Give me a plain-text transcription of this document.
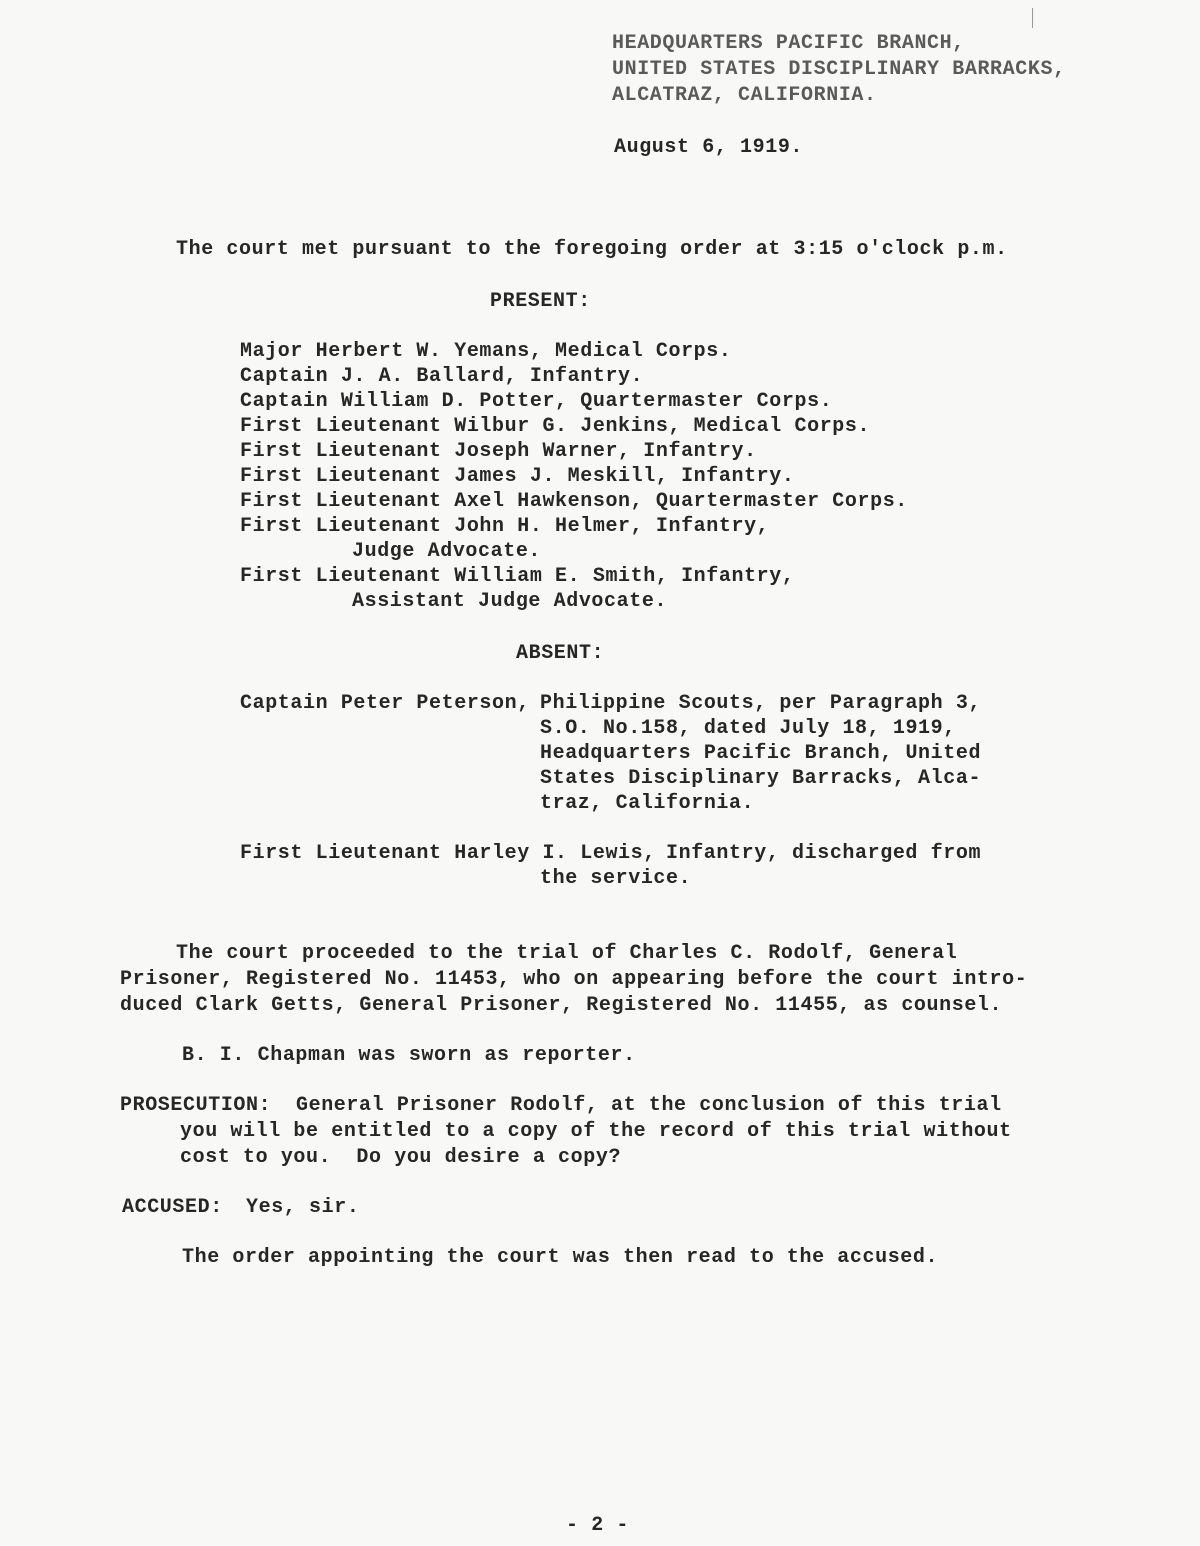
HEADQUARTERS PACIFIC BRANCH,
UNITED STATES DISCIPLINARY BARRACKS,
ALCATRAZ, CALIFORNIA.
August 6, 1919.
The court met pursuant to the foregoing order at 3:15 o'clock p.m.
PRESENT:
Major Herbert W. Yemans, Medical Corps.
Captain J. A. Ballard, Infantry.
Captain William D. Potter, Quartermaster Corps.
First Lieutenant Wilbur G. Jenkins, Medical Corps.
First Lieutenant Joseph Warner, Infantry.
First Lieutenant James J. Meskill, Infantry.
First Lieutenant Axel Hawkenson, Quartermaster Corps.
First Lieutenant John H. Helmer, Infantry,
Judge Advocate.
First Lieutenant William E. Smith, Infantry,
Assistant Judge Advocate.
ABSENT:
Captain Peter Peterson, Philippine Scouts, per Paragraph 3,
S.O. No.158, dated July 18, 1919,
Headquarters Pacific Branch, United
States Disciplinary Barracks, Alca-
traz, California.
First Lieutenant Harley I. Lewis, Infantry, discharged from
the service.
The court proceeded to the trial of Charles C. Rodolf, General
Prisoner, Registered No. 11453, who on appearing before the court intro-
duced Clark Getts, General Prisoner, Registered No. 11455, as counsel.
B. I. Chapman was sworn as reporter.
PROSECUTION: General Prisoner Rodolf, at the conclusion of this trial
you will be entitled to a copy of the record of this trial without
cost to you.  Do you desire a copy?
ACCUSED: Yes, sir.
The order appointing the court was then read to the accused.
- 2 -
